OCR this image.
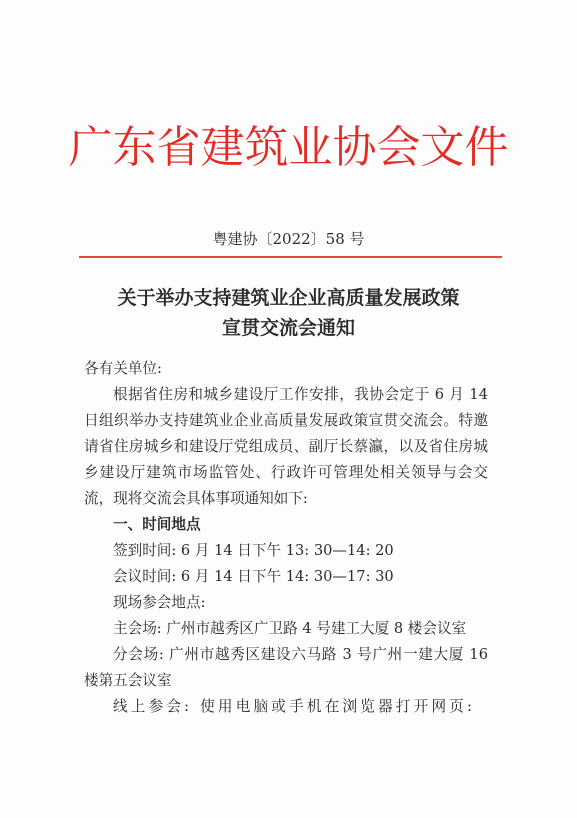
广东省建筑业协会文件
粤建协〔2022〕58 号
关于举办支持建筑业企业高质量发展政策
宣贯交流会通知
各有关单位:
根据省住房和城乡建设厅工作安排，我协会定于 6 月 14
日组织举办支持建筑业企业高质量发展政策宣贯交流会。特邀
请省住房城乡和建设厅党组成员、副厅长蔡瀛，以及省住房城
乡建设厅建筑市场监管处、行政许可管理处相关领导与会交
流，现将交流会具体事项通知如下:
一、时间地点
签到时间: 6 月 14 日下午 13: 30—14: 20
会议时间: 6 月 14 日下午 14: 30—17: 30
现场参会地点:
主会场: 广州市越秀区广卫路 4 号建工大厦 8 楼会议室
分会场: 广州市越秀区建设六马路 3 号广州一建大厦 16
楼第五会议室
线上参会: 使用电脑或手机在浏览器打开网页:
